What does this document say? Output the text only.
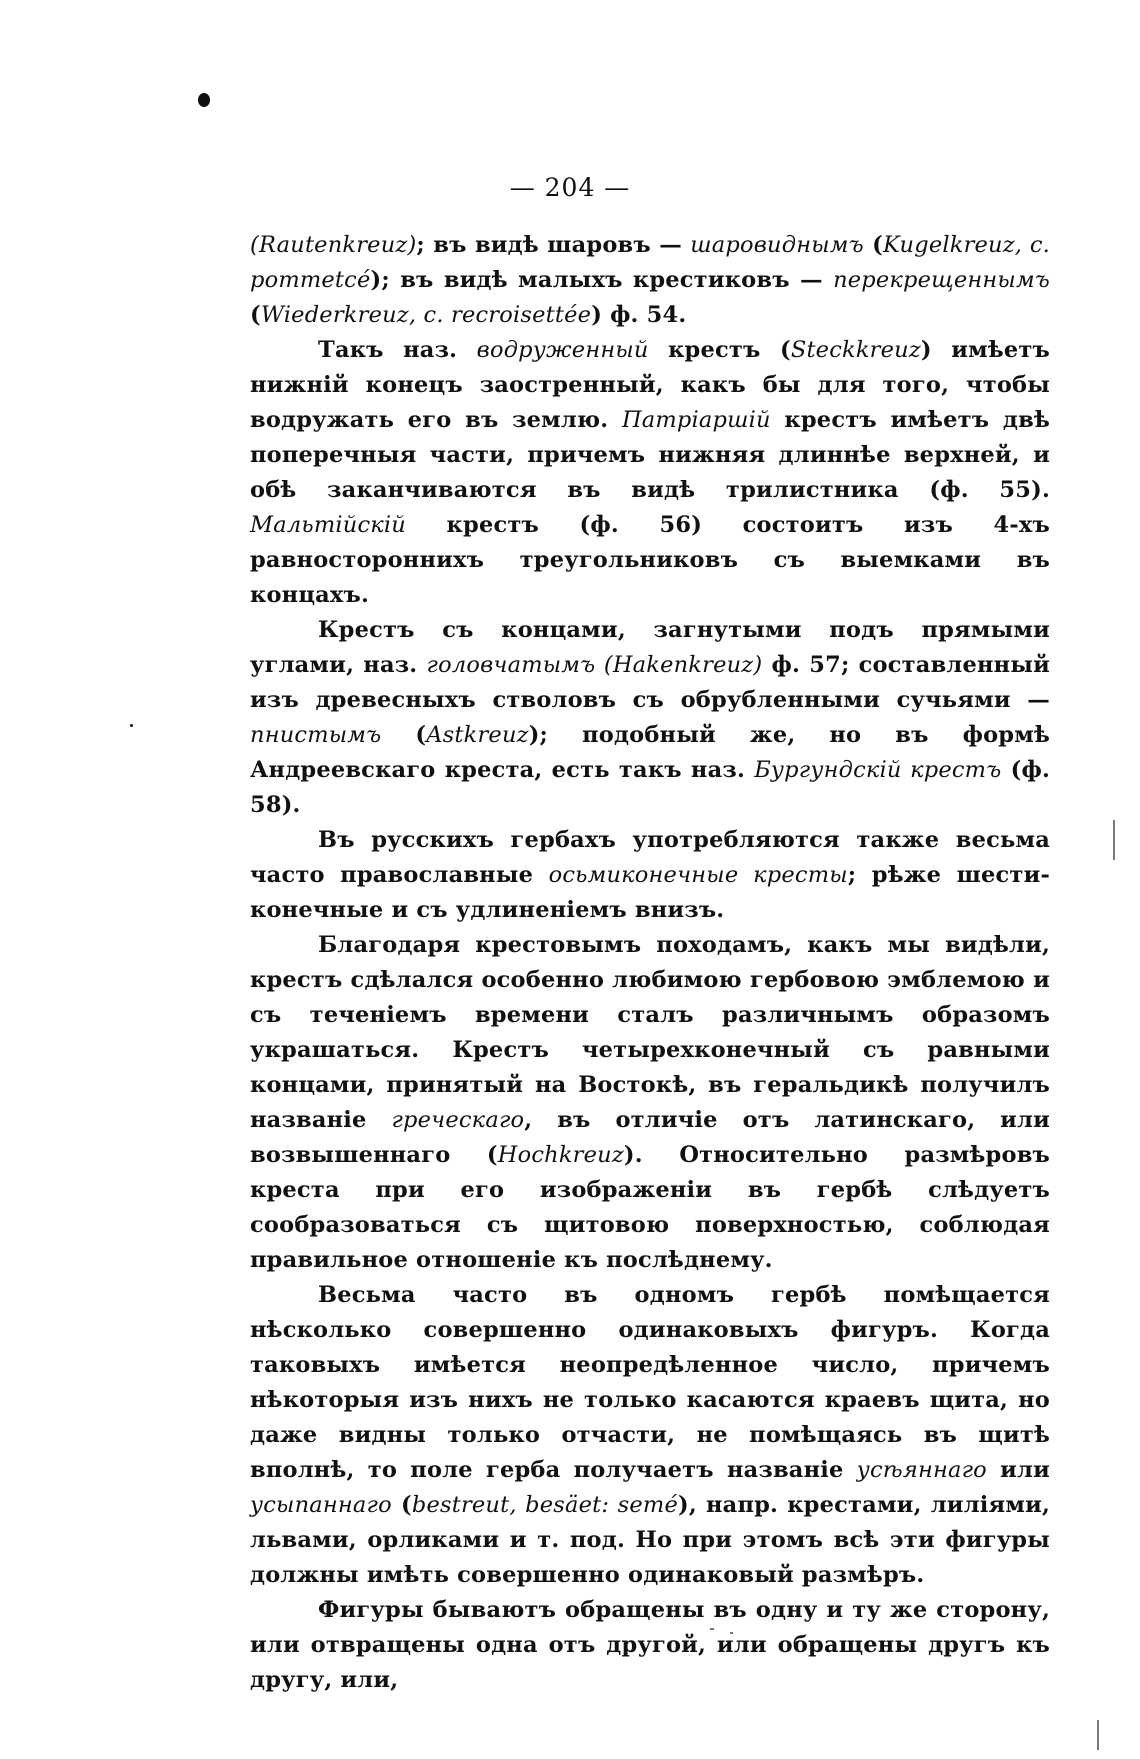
— 204 —

(Rautenkreuz); въ видѣ шаровъ — шаровиднымъ (Kugelkreuz, c. pommetcé); въ видѣ малыхъ крестиковъ — перекрещеннымъ (Wiederkreuz, c. recroisettée) ф. 54.

Такъ наз. водруженный крестъ (Steckkreuz) имѣетъ нижній конецъ заостренный, какъ бы для того, чтобы водружать его въ землю. Патріаршій крестъ имѣетъ двѣ поперечныя части, причемъ нижняя длиннѣе верхней, и обѣ заканчиваются въ видѣ трилистника (ф. 55). Мальтійскій крестъ (ф. 56) состоитъ изъ 4-хъ равностороннихъ треугольниковъ съ выемками въ концахъ.

Крестъ съ концами, загнутыми подъ прямыми углами, наз. головчатымъ (Hakenkreuz) ф. 57; составленный изъ древесныхъ стволовъ съ обрубленными сучьями — пнистымъ (Astkreuz); подобный же, но въ формѣ Андреевскаго креста, есть такъ наз. Бургундскій крестъ (ф. 58).

Въ русскихъ гербахъ употребляются также весьма часто православные осьмиконечные кресты; рѣже шести-конечные и съ удлиненіемъ внизъ.

Благодаря крестовымъ походамъ, какъ мы видѣли, крестъ сдѣлался особенно любимою гербовою эмблемою и съ теченіемъ времени сталъ различнымъ образомъ украшаться. Крестъ четырехконечный съ равными концами, принятый на Востокѣ, въ геральдикѣ получилъ названіе греческаго, въ отличіе отъ латинскаго, или возвышеннаго (Hochkreuz). Относительно размѣровъ креста при его изображеніи въ гербѣ слѣдуетъ сообразоваться съ щитовою поверхностью, соблюдая правильное отношеніе къ послѣднему.

Весьма часто въ одномъ гербѣ помѣщается нѣсколько совершенно одинаковыхъ фигуръ. Когда таковыхъ имѣется неопредѣленное число, причемъ нѣкоторыя изъ нихъ не только касаются краевъ щита, но даже видны только отчасти, не помѣщаясь въ щитѣ вполнѣ, то поле герба получаетъ названіе усѣяннаго или усыпаннаго (bestreut, besäet: semé), напр. крестами, лиліями, львами, орликами и т. под. Но при этомъ всѣ эти фигуры должны имѣть совершенно одинаковый размѣръ.

Фигуры бываютъ обращены въ одну и ту же сторону, или отвращены одна отъ другой, или обращены другъ къ другу, или,
